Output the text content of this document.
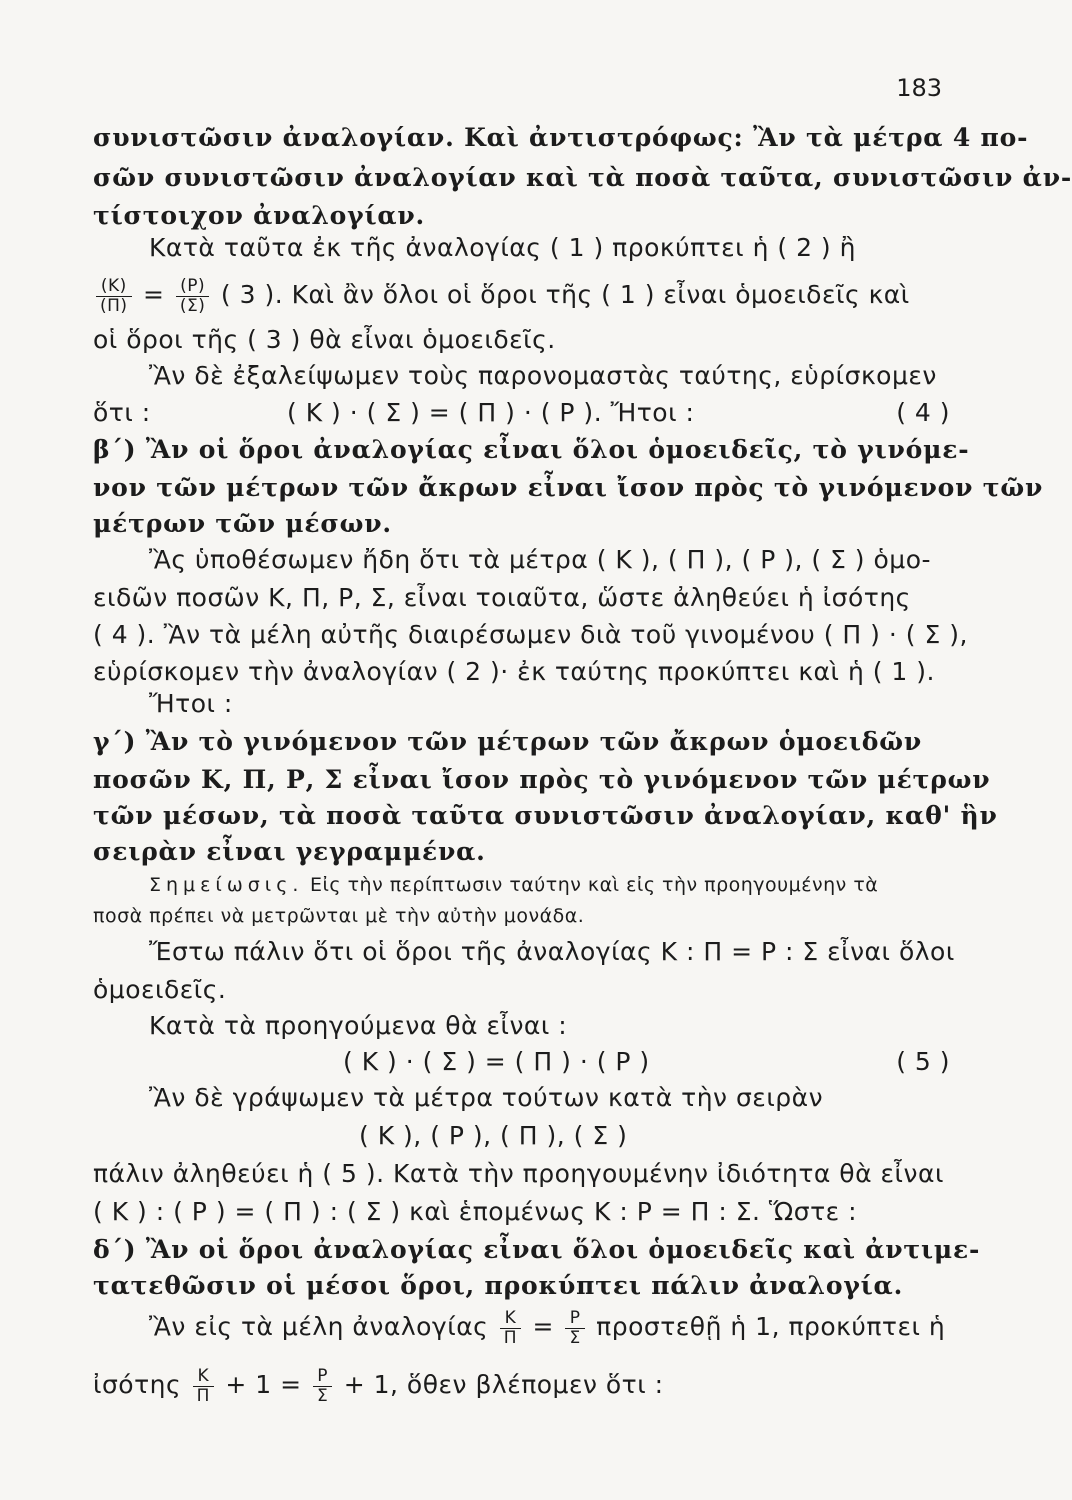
183
συνιστῶσιν ἀναλογίαν. Καὶ ἀντιστρόφως: Ἂν τὰ μέτρα 4 πο-
σῶν συνιστῶσιν ἀναλογίαν καὶ τὰ ποσὰ ταῦτα, συνιστῶσιν ἀν-
τίστοιχον ἀναλογίαν.
Κατὰ ταῦτα ἐκ τῆς ἀναλογίας ( 1 ) προκύπτει ἡ ( 2 ) ἢ
$\frac{(K)}{(\Pi)} = \frac{(P)}{(\Sigma)}$ ( 3 ). Καὶ ἂν ὅλοι οἱ ὅροι τῆς ( 1 ) εἶναι ὁμοειδεῖς καὶ
οἱ ὅροι τῆς ( 3 ) θὰ εἶναι ὁμοειδεῖς.
Ἂν δὲ ἐξαλείψωμεν τοὺς παρονομαστὰς ταύτης, εὑρίσκομεν
ὅτι :	( Κ ) · ( Σ ) = ( Π ) · ( Ρ ). Ἤτοι :	( 4 )
β΄) Ἂν οἱ ὅροι ἀναλογίας εἶναι ὅλοι ὁμοειδεῖς, τὸ γινόμε-
νον τῶν μέτρων τῶν ἄκρων εἶναι ἴσον πρὸς τὸ γινόμενον τῶν
μέτρων τῶν μέσων.
Ἂς ὑποθέσωμεν ἤδη ὅτι τὰ μέτρα ( Κ ), ( Π ), ( Ρ ), ( Σ ) ὁμο-
ειδῶν ποσῶν Κ, Π, Ρ, Σ, εἶναι τοιαῦτα, ὥστε ἀληθεύει ἡ ἰσότης
( 4 ). Ἂν τὰ μέλη αὐτῆς διαιρέσωμεν διὰ τοῦ γινομένου ( Π ) · ( Σ ),
εὑρίσκομεν τὴν ἀναλογίαν ( 2 )· ἐκ ταύτης προκύπτει καὶ ἡ ( 1 ).
Ἤτοι :
γ΄) Ἂν τὸ γινόμενον τῶν μέτρων τῶν ἄκρων ὁμοειδῶν
ποσῶν Κ, Π, Ρ, Σ εἶναι ἴσον πρὸς τὸ γινόμενον τῶν μέτρων
τῶν μέσων, τὰ ποσὰ ταῦτα συνιστῶσιν ἀναλογίαν, καθ' ἣν
σειρὰν εἶναι γεγραμμένα.
Σημείωσις. Εἰς τὴν περίπτωσιν ταύτην καὶ εἰς τὴν προηγουμένην τὰ
ποσὰ πρέπει νὰ μετρῶνται μὲ τὴν αὐτὴν μονάδα.
Ἔστω πάλιν ὅτι οἱ ὅροι τῆς ἀναλογίας Κ : Π = Ρ : Σ εἶναι ὅλοι
ὁμοειδεῖς.
Κατὰ τὰ προηγούμενα θὰ εἶναι :
( Κ ) · ( Σ ) = ( Π ) · ( Ρ )	( 5 )
Ἂν δὲ γράψωμεν τὰ μέτρα τούτων κατὰ τὴν σειρὰν
( Κ ), ( Ρ ), ( Π ), ( Σ )
πάλιν ἀληθεύει ἡ ( 5 ). Κατὰ τὴν προηγουμένην ἰδιότητα θὰ εἶναι
( Κ ) : ( Ρ ) = ( Π ) : ( Σ ) καὶ ἑπομένως Κ : Ρ = Π : Σ. Ὥστε :
δ΄) Ἂν οἱ ὅροι ἀναλογίας εἶναι ὅλοι ὁμοειδεῖς καὶ ἀντιμε-
τατεθῶσιν οἱ μέσοι ὅροι, προκύπτει πάλιν ἀναλογία.
Ἂν εἰς τὰ μέλη ἀναλογίας $\frac{K}{\Pi} = \frac{P}{\Sigma}$ προστεθῇ ἡ 1, προκύπτει ἡ
ἰσότης $\frac{K}{\Pi} + 1 = \frac{P}{\Sigma} + 1$, ὅθεν βλέπομεν ὅτι :
